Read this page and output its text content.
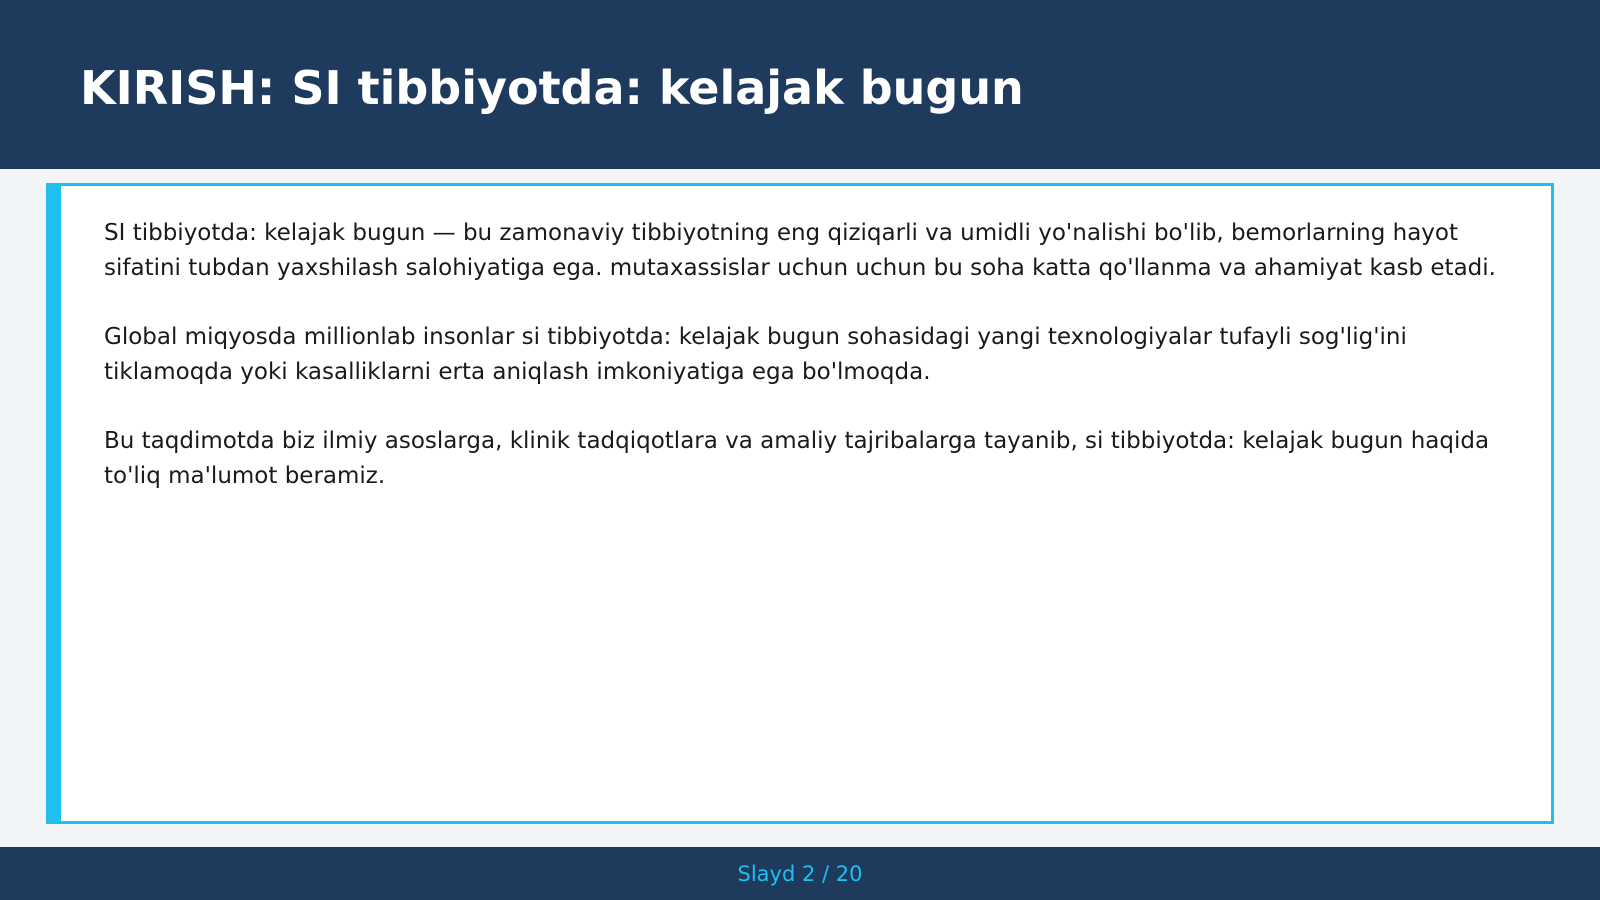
KIRISH: SI tibbiyotda: kelajak bugun

SI tibbiyotda: kelajak bugun — bu zamonaviy tibbiyotning eng qiziqarli va umidli yo'nalishi bo'lib, bemorlarning hayot sifatini tubdan yaxshilash salohiyatiga ega. mutaxassislar uchun uchun bu soha katta qo'llanma va ahamiyat kasb etadi.

Global miqyosda millionlab insonlar si tibbiyotda: kelajak bugun sohasidagi yangi texnologiyalar tufayli sog'lig'ini tiklamoqda yoki kasalliklarni erta aniqlash imkoniyatiga ega bo'lmoqda.

Bu taqdimotda biz ilmiy asoslarga, klinik tadqiqotlara va amaliy tajribalarga tayanib, si tibbiyotda: kelajak bugun haqida to'liq ma'lumot beramiz.

Slayd 2 / 20
